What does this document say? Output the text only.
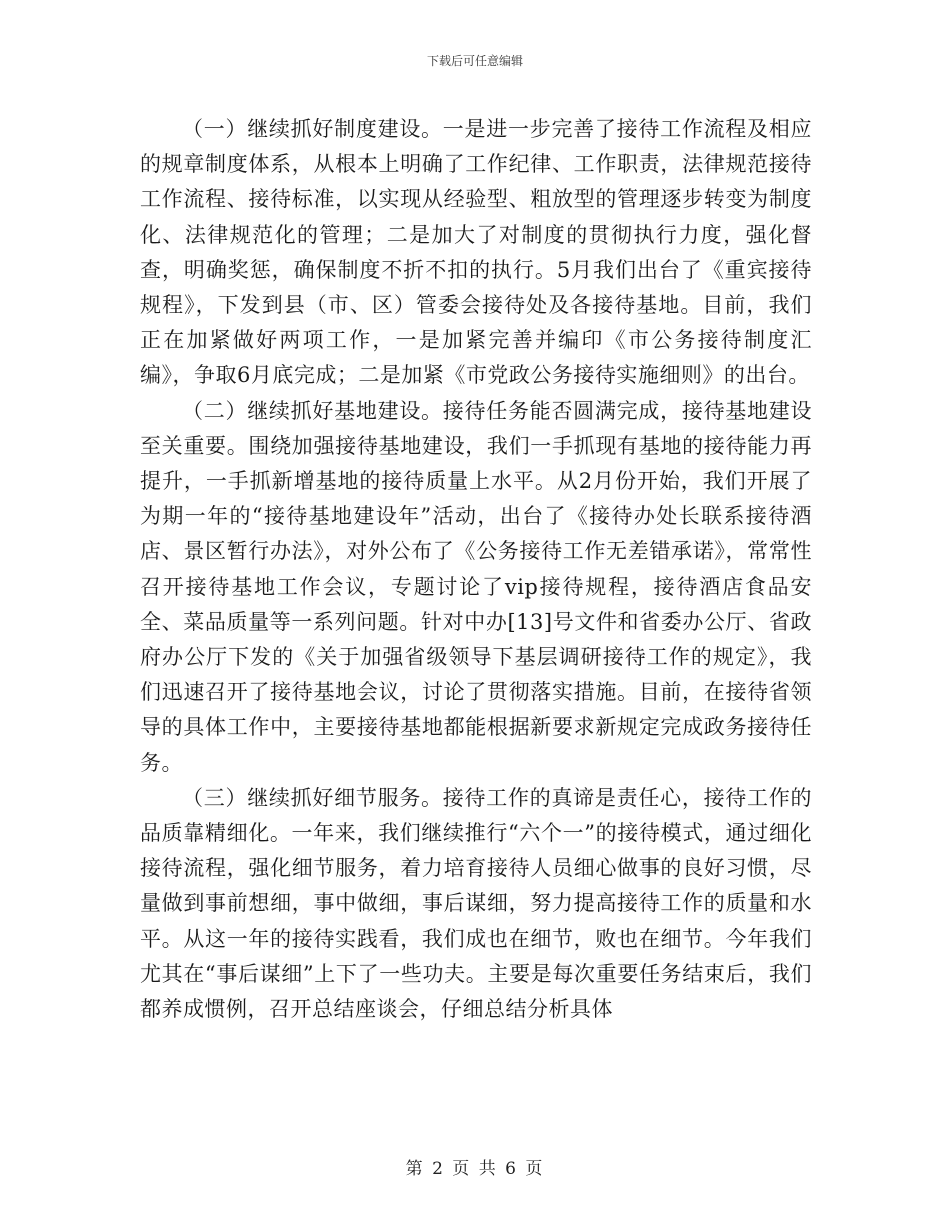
下载后可任意编辑

（一）继续抓好制度建设。一是进一步完善了接待工作流程及相应的规章制度体系，从根本上明确了工作纪律、工作职责，法律规范接待工作流程、接待标准，以实现从经验型、粗放型的管理逐步转变为制度化、法律规范化的管理；二是加大了对制度的贯彻执行力度，强化督查，明确奖惩，确保制度不折不扣的执行。5月我们出台了《重宾接待规程》，下发到县（市、区）管委会接待处及各接待基地。目前，我们正在加紧做好两项工作，一是加紧完善并编印《市公务接待制度汇编》，争取6月底完成；二是加紧《市党政公务接待实施细则》的出台。

（二）继续抓好基地建设。接待任务能否圆满完成，接待基地建设至关重要。围绕加强接待基地建设，我们一手抓现有基地的接待能力再提升，一手抓新增基地的接待质量上水平。从2月份开始，我们开展了为期一年的“接待基地建设年”活动，出台了《接待办处长联系接待酒店、景区暂行办法》，对外公布了《公务接待工作无差错承诺》，常常性召开接待基地工作会议，专题讨论了vip接待规程，接待酒店食品安全、菜品质量等一系列问题。针对中办[13]号文件和省委办公厅、省政府办公厅下发的《关于加强省级领导下基层调研接待工作的规定》，我们迅速召开了接待基地会议，讨论了贯彻落实措施。目前，在接待省领导的具体工作中，主要接待基地都能根据新要求新规定完成政务接待任务。

（三）继续抓好细节服务。接待工作的真谛是责任心，接待工作的品质靠精细化。一年来，我们继续推行“六个一”的接待模式，通过细化接待流程，强化细节服务，着力培育接待人员细心做事的良好习惯，尽量做到事前想细，事中做细，事后谋细，努力提高接待工作的质量和水平。从这一年的接待实践看，我们成也在细节，败也在细节。今年我们尤其在“事后谋细”上下了一些功夫。主要是每次重要任务结束后，我们都养成惯例，召开总结座谈会，仔细总结分析具体

第 2 页 共 6 页
